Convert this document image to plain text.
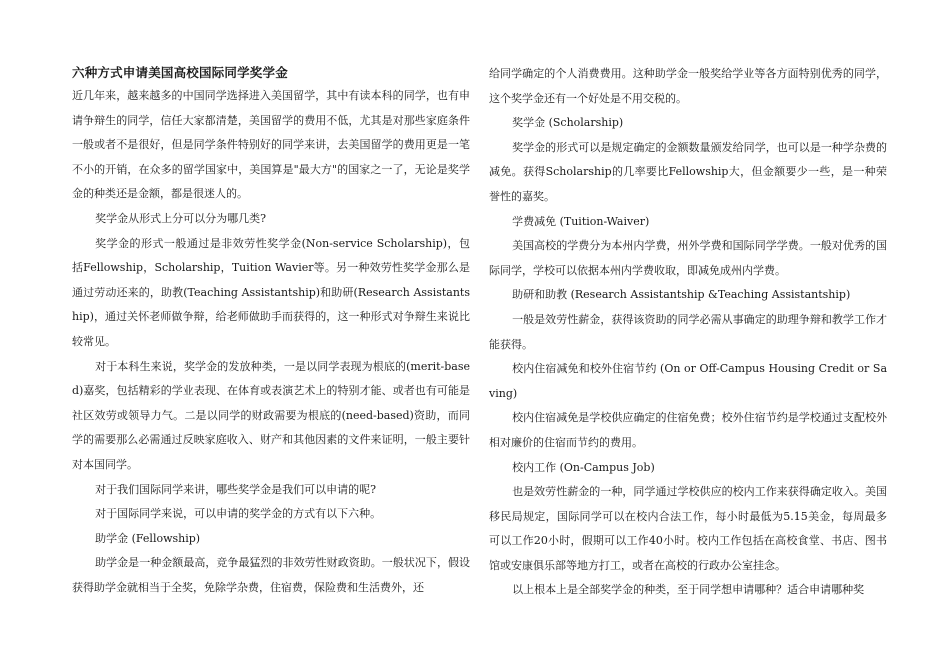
六种方式申请美国高校国际同学奖学金

近几年来，越来越多的中国同学选择进入美国留学，其中有读本科的同学，也有申请争辩生的同学，信任大家都清楚，美国留学的费用不低，尤其是对那些家庭条件一般或者不是很好，但是同学条件特别好的同学来讲，去美国留学的费用更是一笔不小的开销，在众多的留学国家中，美国算是"最大方"的国家之一了，无论是奖学金的种类还是金额，都是很迷人的。

奖学金从形式上分可以分为哪几类?

奖学金的形式一般通过是非效劳性奖学金(Non-service Scholarship)，包括Fellowship，Scholarship，Tuition Wavier等。另一种效劳性奖学金那么是通过劳动还来的，助教(Teaching Assistantship)和助研(Research Assistantship)，通过关怀老师做争辩，给老师做助手而获得的，这一种形式对争辩生来说比较常见。

对于本科生来说，奖学金的发放种类，一是以同学表现为根底的(merit-based)嘉奖，包括精彩的学业表现、在体育或表演艺术上的特别才能、或者也有可能是社区效劳或领导力气。二是以同学的财政需要为根底的(need-based)资助，而同学的需要那么必需通过反映家庭收入、财产和其他因素的文件来证明，一般主要针对本国同学。

对于我们国际同学来讲，哪些奖学金是我们可以申请的呢?

对于国际同学来说，可以申请的奖学金的方式有以下六种。

助学金 (Fellowship)

助学金是一种金额最高，竞争最猛烈的非效劳性财政资助。一般状况下，假设获得助学金就相当于全奖，免除学杂费，住宿费，保险费和生活费外，还

给同学确定的个人消费费用。这种助学金一般奖给学业等各方面特别优秀的同学，这个奖学金还有一个好处是不用交税的。

奖学金 (Scholarship)

奖学金的形式可以是规定确定的金额数量颁发给同学，也可以是一种学杂费的减免。获得Scholarship的几率要比Fellowship大，但金额要少一些，是一种荣誉性的嘉奖。

学费减免 (Tuition-Waiver)

美国高校的学费分为本州内学费，州外学费和国际同学学费。一般对优秀的国际同学，学校可以依据本州内学费收取，即减免成州内学费。

助研和助教 (Research Assistantship &Teaching Assistantship)

一般是效劳性薪金，获得该资助的同学必需从事确定的助理争辩和教学工作才能获得。

校内住宿减免和校外住宿节约 (On or Off-Campus Housing Credit or Saving)

校内住宿减免是学校供应确定的住宿免费；校外住宿节约是学校通过支配校外相对廉价的住宿而节约的费用。

校内工作 (On-Campus Job)

也是效劳性薪金的一种，同学通过学校供应的校内工作来获得确定收入。美国移民局规定，国际同学可以在校内合法工作，每小时最低为5.15美金，每周最多可以工作20小时，假期可以工作40小时。校内工作包括在高校食堂、书店、图书馆或安康俱乐部等地方打工，或者在高校的行政办公室挂念。

以上根本上是全部奖学金的种类，至于同学想申请哪种？适合申请哪种奖
